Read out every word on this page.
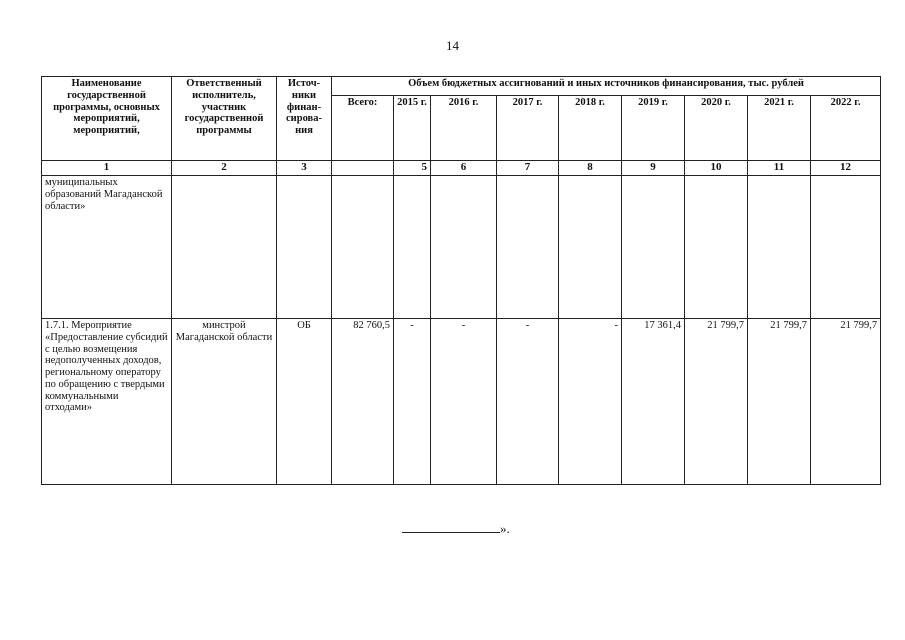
14
Наименование государственной программы, основных мероприятий, мероприятий,	Ответственный исполнитель, участник государственной программы	Источ-ники финан-сирова-ния	Объем бюджетных ассигнований и иных источников финансирования, тыс. рублей								
			Всего:	2015 г.	2016 г.	2017 г.	2018 г.	2019 г.	2020 г.	2021 г.	2022 г.
1	2	3		5	6	7	8	9	10	11	12
муниципальных образований Магаданской области»											
1.7.1. Мероприятие «Предоставление субсидий с целью возмещения недополученных доходов, региональному оператору по обращению с твердыми коммунальными отходами»	минстрой Магаданской области	ОБ	82 760,5	-	-	-	-	17 361,4	21 799,7	21 799,7	21 799,7
».
